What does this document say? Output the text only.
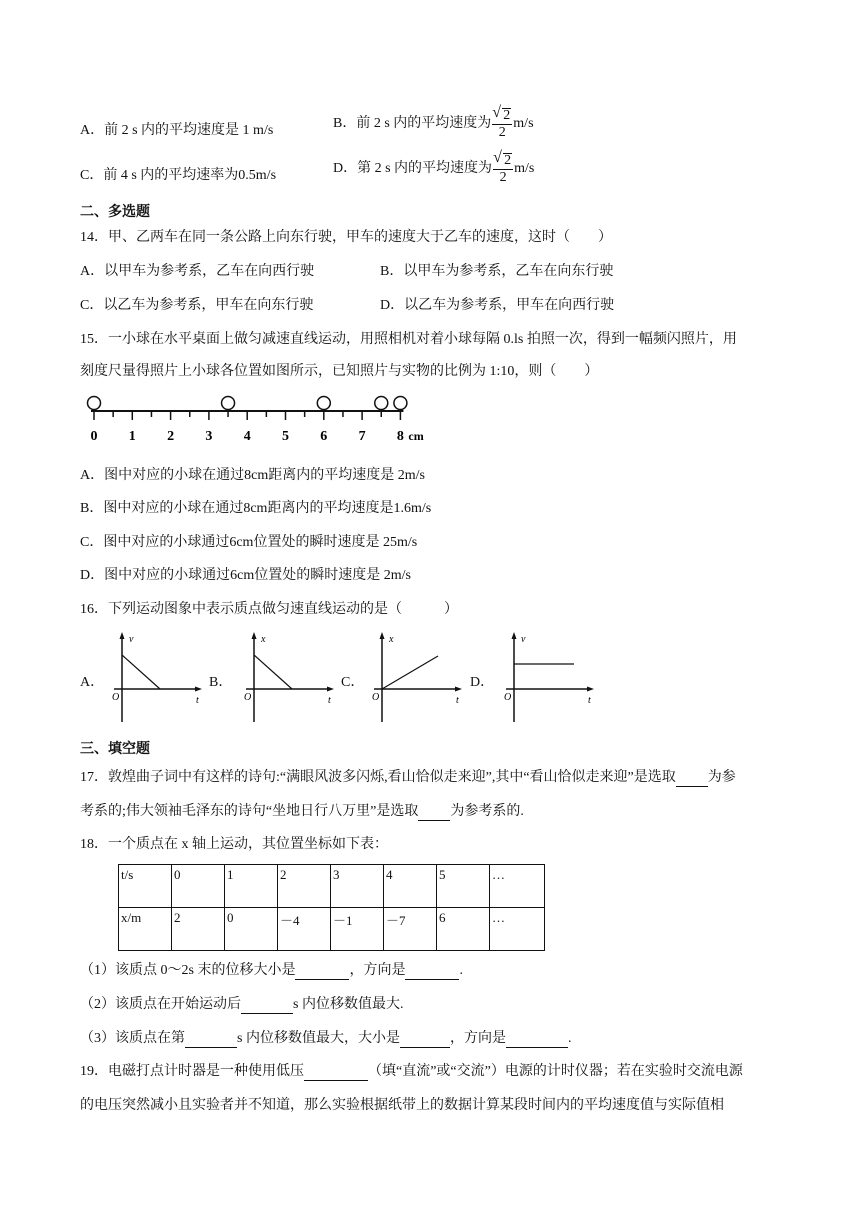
A．前 2 s 内的平均速度是 1 m/s	B．前 2 s 内的平均速度为 √ $\frac{2}{2} m/s$
C．前 4 s 内的平均速率为0.5m/s	D．第 2 s 内的平均速度为 √ $\frac{2}{2} m/s$
二、多选题
14．甲、乙两车在同一条公路上向东行驶，甲车的速度大于乙车的速度，这时（　　）
A．以甲车为参考系，乙车在向西行驶	B．以甲车为参考系，乙车在向东行驶
C．以乙车为参考系，甲车在向东行驶	D．以乙车为参考系，甲车在向西行驶
15．一小球在水平桌面上做匀减速直线运动，用照相机对着小球每隔 0.ls 拍照一次，得到一幅频闪照片，用
刻度尺量得照片上小球各位置如图所示，已知照片与实物的比例为 1:10，则（　　）
0 1 2 3 4 5 6 7 8 cm
A．图中对应的小球在通过8cm距离内的平均速度是 2m/s
B．图中对应的小球在通过8cm距离内的平均速度是1.6m/s
C．图中对应的小球通过6cm位置处的瞬时速度是 25m/s
D．图中对应的小球通过6cm位置处的瞬时速度是 2m/s
16．下列运动图象中表示质点做匀速直线运动的是（　　　）
A．
v
t
O
B．
x
t
O
C．
x
t
O
D．
v
t
O
三、填空题
17．敦煌曲子词中有这样的诗句:“满眼风波多闪烁,看山恰似走来迎”,其中“看山恰似走来迎”是选取 为参
考系的;伟大领袖毛泽东的诗句“坐地日行八万里”是选取 为参考系的.
18．一个质点在 x 轴上运动，其位置坐标如下表：
t/s	0	1	2	3	4	5	…
x/m	2	0	－4	－1	－7	6	…
（1）该质点 0～2s 末的位移大小是	，方向是	.
（2）该质点在开始运动后	s 内位移数值最大.
（3）该质点在第	s 内位移数值最大，大小是	，方向是	.
19．电磁打点计时器是一种使用低压	（填“直流”或“交流”）电源的计时仪器；若在实验时交流电源
的电压突然减小且实验者并不知道，那么实验根据纸带上的数据计算某段时间内的平均速度值与实际值相
